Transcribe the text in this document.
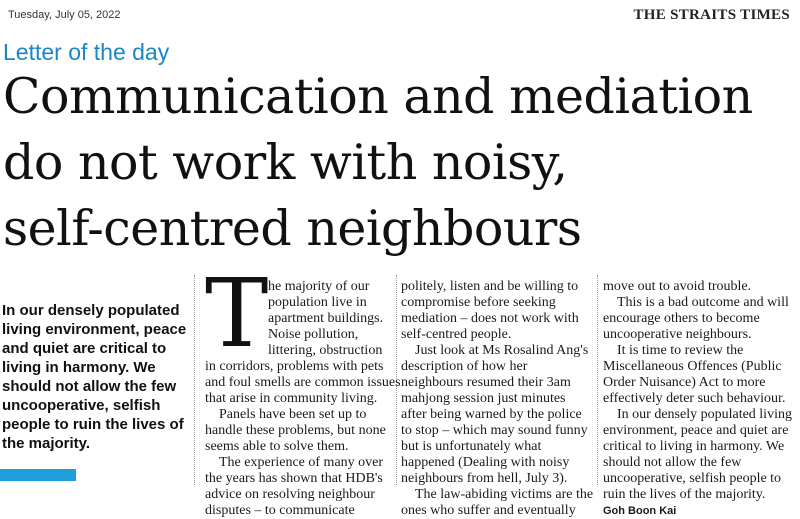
Tuesday, July 05, 2022	THE STRAITS TIMES
Letter of the day
Communication and mediation
do not work with noisy,
self-centred neighbours
In our densely populated
living environment, peace
and quiet are critical to
living in harmony. We
should not allow the few
uncooperative, selfish
people to ruin the lives of
the majority.
T he majority of our
population live in
apartment buildings.
Noise pollution,
littering, obstruction
in corridors, problems with pets
and foul smells are common issues
that arise in community living.
Panels have been set up to
handle these problems, but none
seems able to solve them.
The experience of many over
the years has shown that HDB's
advice on resolving neighbour
disputes – to communicate
politely, listen and be willing to
compromise before seeking
mediation – does not work with
self-centred people.
Just look at Ms Rosalind Ang's
description of how her
neighbours resumed their 3am
mahjong session just minutes
after being warned by the police
to stop – which may sound funny
but is unfortunately what
happened (Dealing with noisy
neighbours from hell, July 3).
The law-abiding victims are the
ones who suffer and eventually
move out to avoid trouble.
This is a bad outcome and will
encourage others to become
uncooperative neighbours.
It is time to review the
Miscellaneous Offences (Public
Order Nuisance) Act to more
effectively deter such behaviour.
In our densely populated living
environment, peace and quiet are
critical to living in harmony. We
should not allow the few
uncooperative, selfish people to
ruin the lives of the majority.
Goh Boon Kai
